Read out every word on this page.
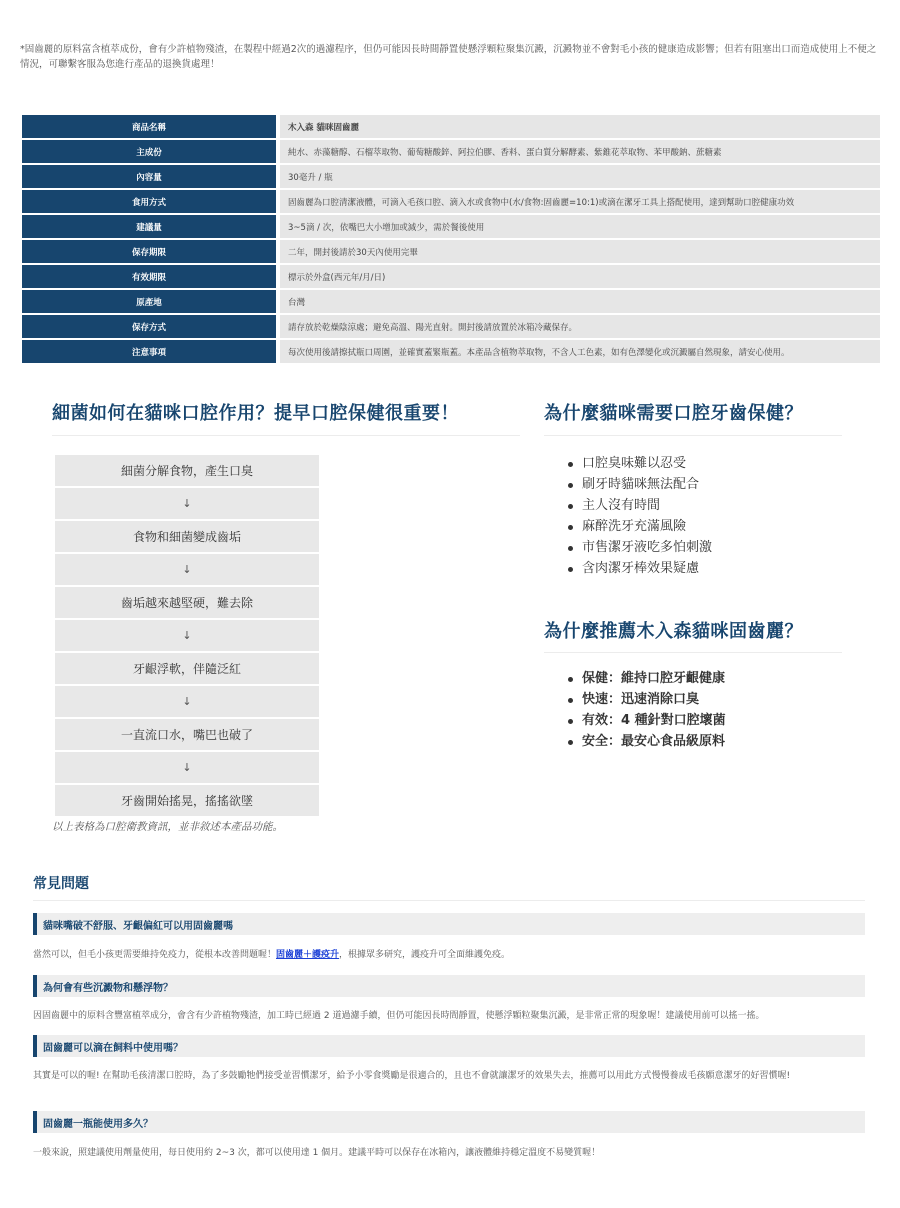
*固齒麗的原料富含植萃成份，會有少許植物殘渣，在製程中經過2次的過濾程序，但仍可能因長時間靜置使懸浮顆粒聚集沉澱，沉澱物並不會對毛小孩的健康造成影響；但若有阻塞出口而造成使用上不便之情況，可聯繫客服為您進行產品的退換貨處理！
商品名稱	木入森 貓咪固齒麗
主成份	純水、赤藻糖醇、石榴萃取物、葡萄糖酸鋅、阿拉伯膠、香料、蛋白質分解酵素、紫錐花萃取物、苯甲酸鈉、蔗糖素
內容量	30毫升 / 瓶
食用方式	固齒麗為口腔清潔液體，可滴入毛孩口腔、滴入水或食物中(水/食物:固齒麗=10:1)或滴在潔牙工具上搭配使用，達到幫助口腔健康功效
建議量	3~5滴 / 次，依嘴巴大小增加或減少，需於餐後使用
保存期限	二年，開封後請於30天內使用完畢
有效期限	標示於外盒(西元年/月/日)
原產地	台灣
保存方式	請存放於乾燥陰涼處；避免高溫、陽光直射。開封後請放置於冰箱冷藏保存。
注意事項	每次使用後請擦拭瓶口周圍，並確實蓋緊瓶蓋。本產品含植物萃取物，不含人工色素，如有色澤變化或沉澱屬自然現象，請安心使用。
細菌如何在貓咪口腔作用？提早口腔保健很重要！
細菌分解食物，產生口臭
↓
食物和細菌變成齒垢
↓
齒垢越來越堅硬，難去除
↓
牙齦浮軟，伴隨泛紅
↓
一直流口水，嘴巴也破了
↓
牙齒開始搖晃，搖搖欲墜
以上表格為口腔衛教資訊，並非敘述本產品功能。
為什麼貓咪需要口腔牙齒保健？
口腔臭味難以忍受
刷牙時貓咪無法配合
主人沒有時間
麻醉洗牙充滿風險
市售潔牙液吃多怕刺激
含肉潔牙棒效果疑慮
為什麼推薦木入森貓咪固齒麗？
保健：維持口腔牙齦健康
快速：迅速消除口臭
有效：4 種針對口腔壞菌
安全：最安心食品級原料
常見問題
貓咪嘴破不舒服、牙齦偏紅可以用固齒麗嗎
當然可以，但毛小孩更需要維持免疫力，從根本改善問題喔！固齒麗＋護疫升，根據眾多研究，護疫升可全面維護免疫。
為何會有些沉澱物和懸浮物？
因固齒麗中的原料含豐富植萃成分，會含有少許植物殘渣，加工時已經過 2 道過濾手續，但仍可能因長時間靜置，使懸浮顆粒聚集沉澱，是非常正常的現象喔！建議使用前可以搖一搖。
固齒麗可以滴在飼料中使用嗎？
其實是可以的喔! 在幫助毛孩清潔口腔時，為了多鼓勵牠們接受並習慣潔牙，給予小零食獎勵是很適合的，且也不會就讓潔牙的效果失去，推薦可以用此方式慢慢養成毛孩願意潔牙的好習慣喔!
固齒麗一瓶能使用多久？
一般來說，照建議使用劑量使用，每日使用約 2~3 次，都可以使用達 1 個月。建議平時可以保存在冰箱內，讓液體維持穩定溫度不易變質喔！
